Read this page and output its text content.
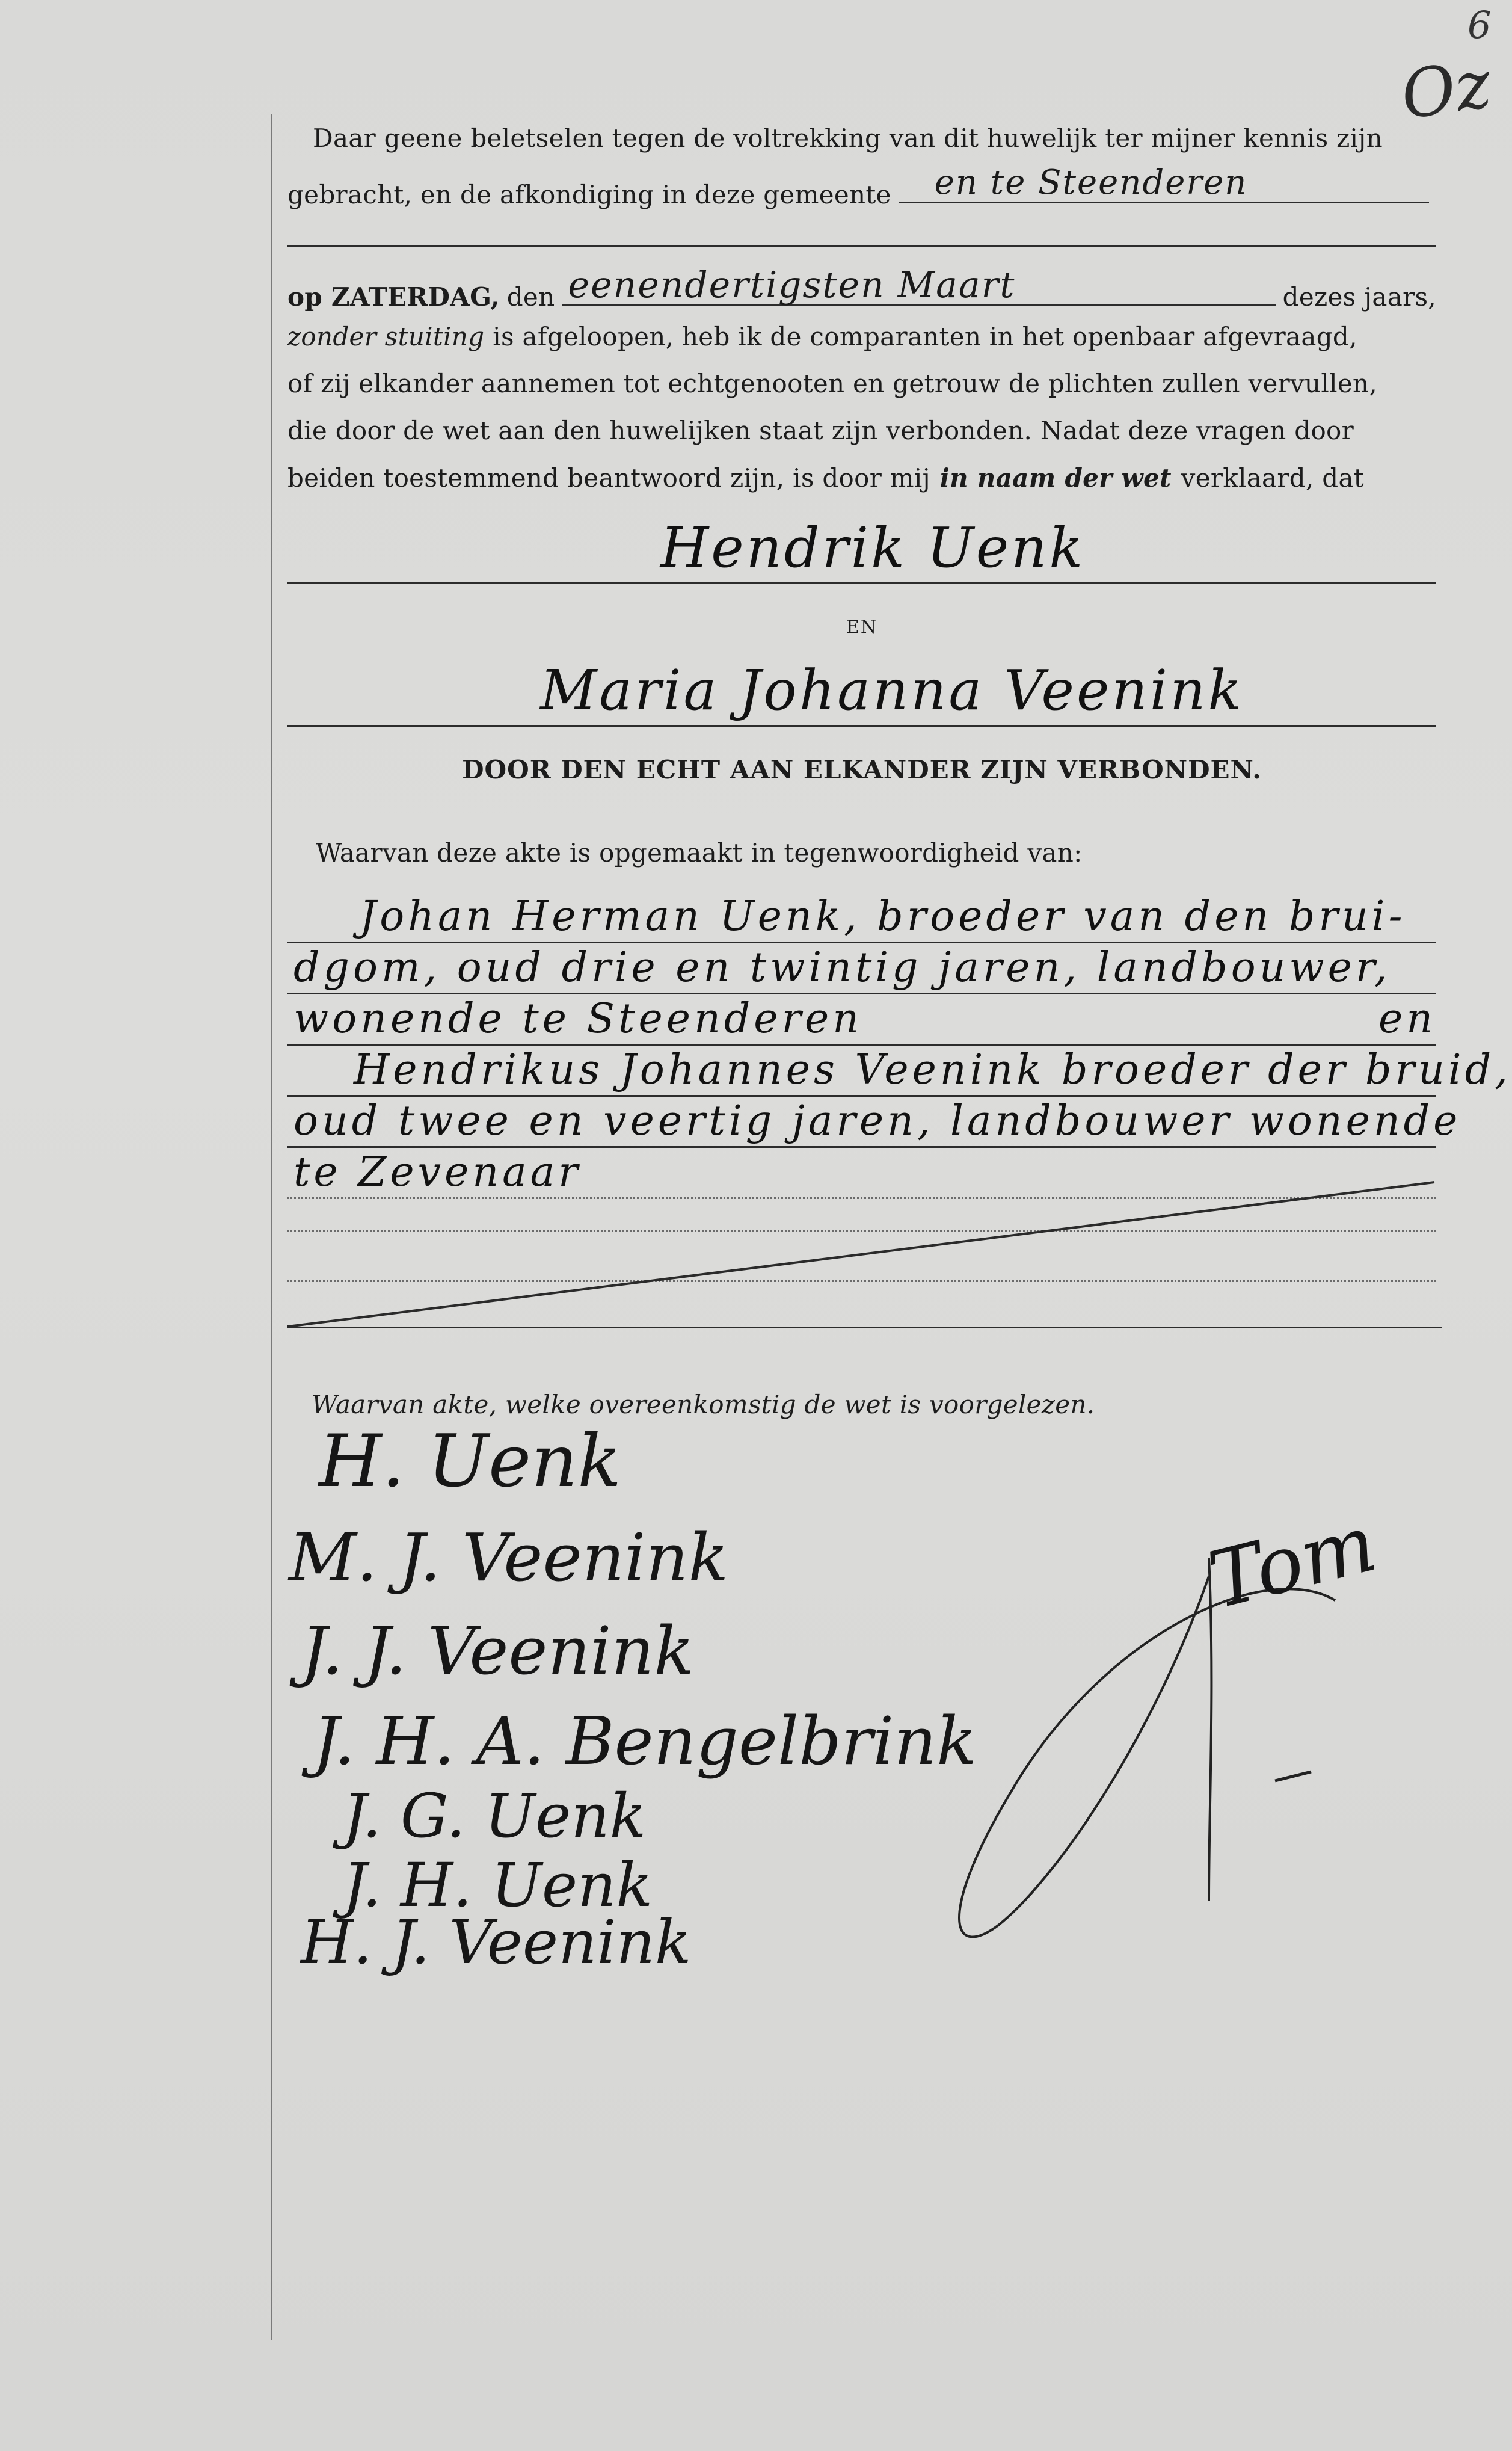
6
Oz
Daar geene beletselen tegen de voltrekking van dit huwelijk ter mijner kennis zijn
gebracht, en de afkondiging in deze gemeente en te Steenderen
op ZATERDAG, den eenendertigsten Maart	dezes jaars,
zonder stuiting is afgeloopen, heb ik de comparanten in het openbaar afgevraagd,
of zij elkander aannemen tot echtgenooten en getrouw de plichten zullen vervullen,
die door de wet aan den huwelijken staat zijn verbonden. Nadat deze vragen door
beiden toestemmend beantwoord zijn, is door mij in naam der wet verklaard, dat
Hendrik Uenk
EN
Maria Johanna Veenink
DOOR DEN ECHT AAN ELKANDER ZIJN VERBONDEN.
Waarvan deze akte is opgemaakt in tegenwoordigheid van:
Johan Herman Uenk, broeder van den brui-
dgom, oud drie en twintig jaren, landbouwer,
wonende te Steenderen	en
Hendrikus Johannes Veenink broeder der bruid,
oud twee en veertig jaren, landbouwer wonende
te Zevenaar
Waarvan akte, welke overeenkomstig de wet is voorgelezen.
H. Uenk
M. J. Veenink
J. J. Veenink
J. H. A. Bengelbrink
J. G. Uenk
J. H. Uenk
H. J. Veenink
Tom
